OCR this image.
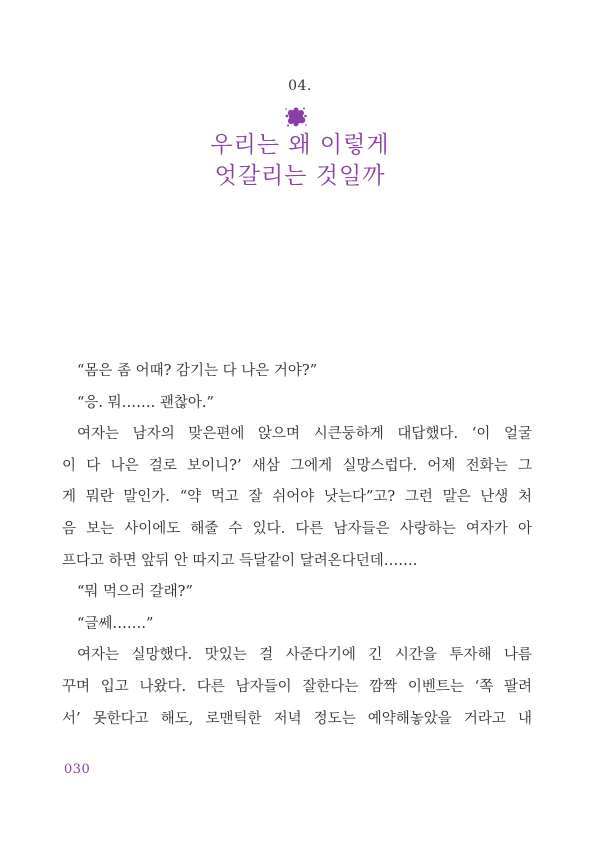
04.
우리는 왜 이렇게
엇갈리는 것일까
“몸은 좀 어때? 감기는 다 나은 거야?”
“응. 뭐……. 괜찮아.”
여자는 남자의 맞은편에 앉으며 시큰둥하게 대답했다. ‘이 얼굴
이 다 나은 걸로 보이니?’ 새삼 그에게 실망스럽다. 어제 전화는 그
게 뭐란 말인가. “약 먹고 잘 쉬어야 낫는다”고? 그런 말은 난생 처
음 보는 사이에도 해줄 수 있다. 다른 남자들은 사랑하는 여자가 아
프다고 하면 앞뒤 안 따지고 득달같이 달려온다던데…….
“뭐 먹으러 갈래?”
“글쎄…….”
여자는 실망했다. 맛있는 걸 사준다기에 긴 시간을 투자해 나름
꾸며 입고 나왔다. 다른 남자들이 잘한다는 깜짝 이벤트는 ‘쪽 팔려
서’ 못한다고 해도, 로맨틱한 저녁 정도는 예약해놓았을 거라고 내
030
